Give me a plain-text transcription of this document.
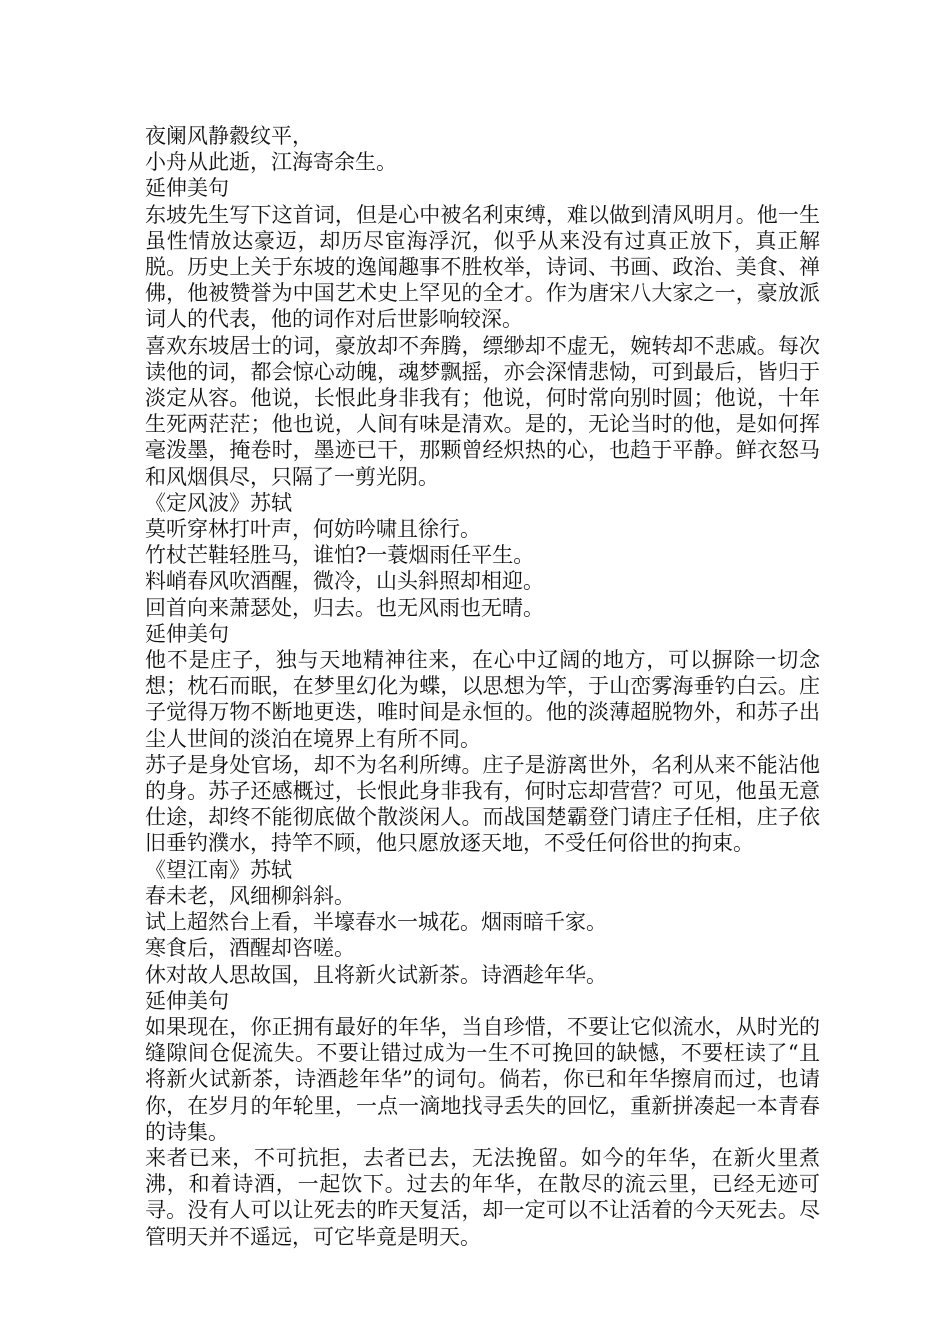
夜阑风静縠纹平，
小舟从此逝，江海寄余生。
延伸美句
东坡先生写下这首词，但是心中被名利束缚，难以做到清风明月。他一生虽性情放达豪迈，却历尽宦海浮沉，似乎从来没有过真正放下，真正解脱。历史上关于东坡的逸闻趣事不胜枚举，诗词、书画、政治、美食、禅佛，他被赞誉为中国艺术史上罕见的全才。作为唐宋八大家之一，豪放派词人的代表，他的词作对后世影响较深。
喜欢东坡居士的词，豪放却不奔腾，缥缈却不虚无，婉转却不悲戚。每次读他的词，都会惊心动魄，魂梦飘摇，亦会深情悲恸，可到最后，皆归于淡定从容。他说，长恨此身非我有；他说，何时常向别时圆；他说，十年生死两茫茫；他也说，人间有味是清欢。是的，无论当时的他，是如何挥毫泼墨，掩卷时，墨迹已干，那颗曾经炽热的心，也趋于平静。鲜衣怒马和风烟俱尽，只隔了一剪光阴。
《定风波》苏轼
莫听穿林打叶声，何妨吟啸且徐行。
竹杖芒鞋轻胜马，谁怕?一蓑烟雨任平生。
料峭春风吹酒醒，微冷，山头斜照却相迎。
回首向来萧瑟处，归去。也无风雨也无晴。
延伸美句
他不是庄子，独与天地精神往来，在心中辽阔的地方，可以摒除一切念想；枕石而眠，在梦里幻化为蝶，以思想为竿，于山峦雾海垂钓白云。庄子觉得万物不断地更迭，唯时间是永恒的。他的淡薄超脱物外，和苏子出尘人世间的淡泊在境界上有所不同。
苏子是身处官场，却不为名利所缚。庄子是游离世外，名利从来不能沾他的身。苏子还感概过，长恨此身非我有，何时忘却营营？可见，他虽无意仕途，却终不能彻底做个散淡闲人。而战国楚霸登门请庄子任相，庄子依旧垂钓濮水，持竿不顾，他只愿放逐天地，不受任何俗世的拘束。
《望江南》苏轼
春未老，风细柳斜斜。
试上超然台上看，半壕春水一城花。烟雨暗千家。
寒食后，酒醒却咨嗟。
休对故人思故国，且将新火试新茶。诗酒趁年华。
延伸美句
如果现在，你正拥有最好的年华，当自珍惜，不要让它似流水，从时光的缝隙间仓促流失。不要让错过成为一生不可挽回的缺憾，不要枉读了“且将新火试新茶，诗酒趁年华”的词句。倘若，你已和年华擦肩而过，也请你，在岁月的年轮里，一点一滴地找寻丢失的回忆，重新拼凑起一本青春的诗集。
来者已来，不可抗拒，去者已去，无法挽留。如今的年华，在新火里煮沸，和着诗酒，一起饮下。过去的年华，在散尽的流云里，已经无迹可寻。没有人可以让死去的昨天复活，却一定可以不让活着的今天死去。尽管明天并不遥远，可它毕竟是明天。
